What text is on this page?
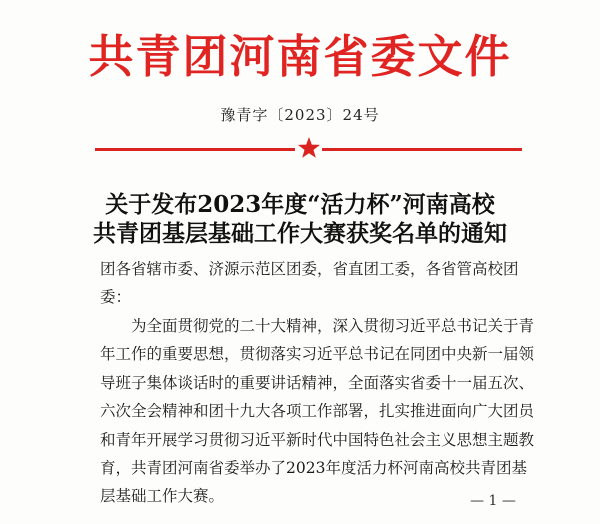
共青团河南省委文件
豫青字〔2023〕24号
关于发布2023年度“活力杯”河南高校
共青团基层基础工作大赛获奖名单的通知
团各省辖市委、济源示范区团委，省直团工委，各省管高校团委：
为全面贯彻党的二十大精神，深入贯彻习近平总书记关于青年工作的重要思想，贯彻落实习近平总书记在同团中央新一届领导班子集体谈话时的重要讲话精神，全面落实省委十一届五次、六次全会精神和团十九大各项工作部署，扎实推进面向广大团员和青年开展学习贯彻习近平新时代中国特色社会主义思想主题教育，共青团河南省委举办了2023年度活力杯河南高校共青团基层基础工作大赛。	— 1 —
